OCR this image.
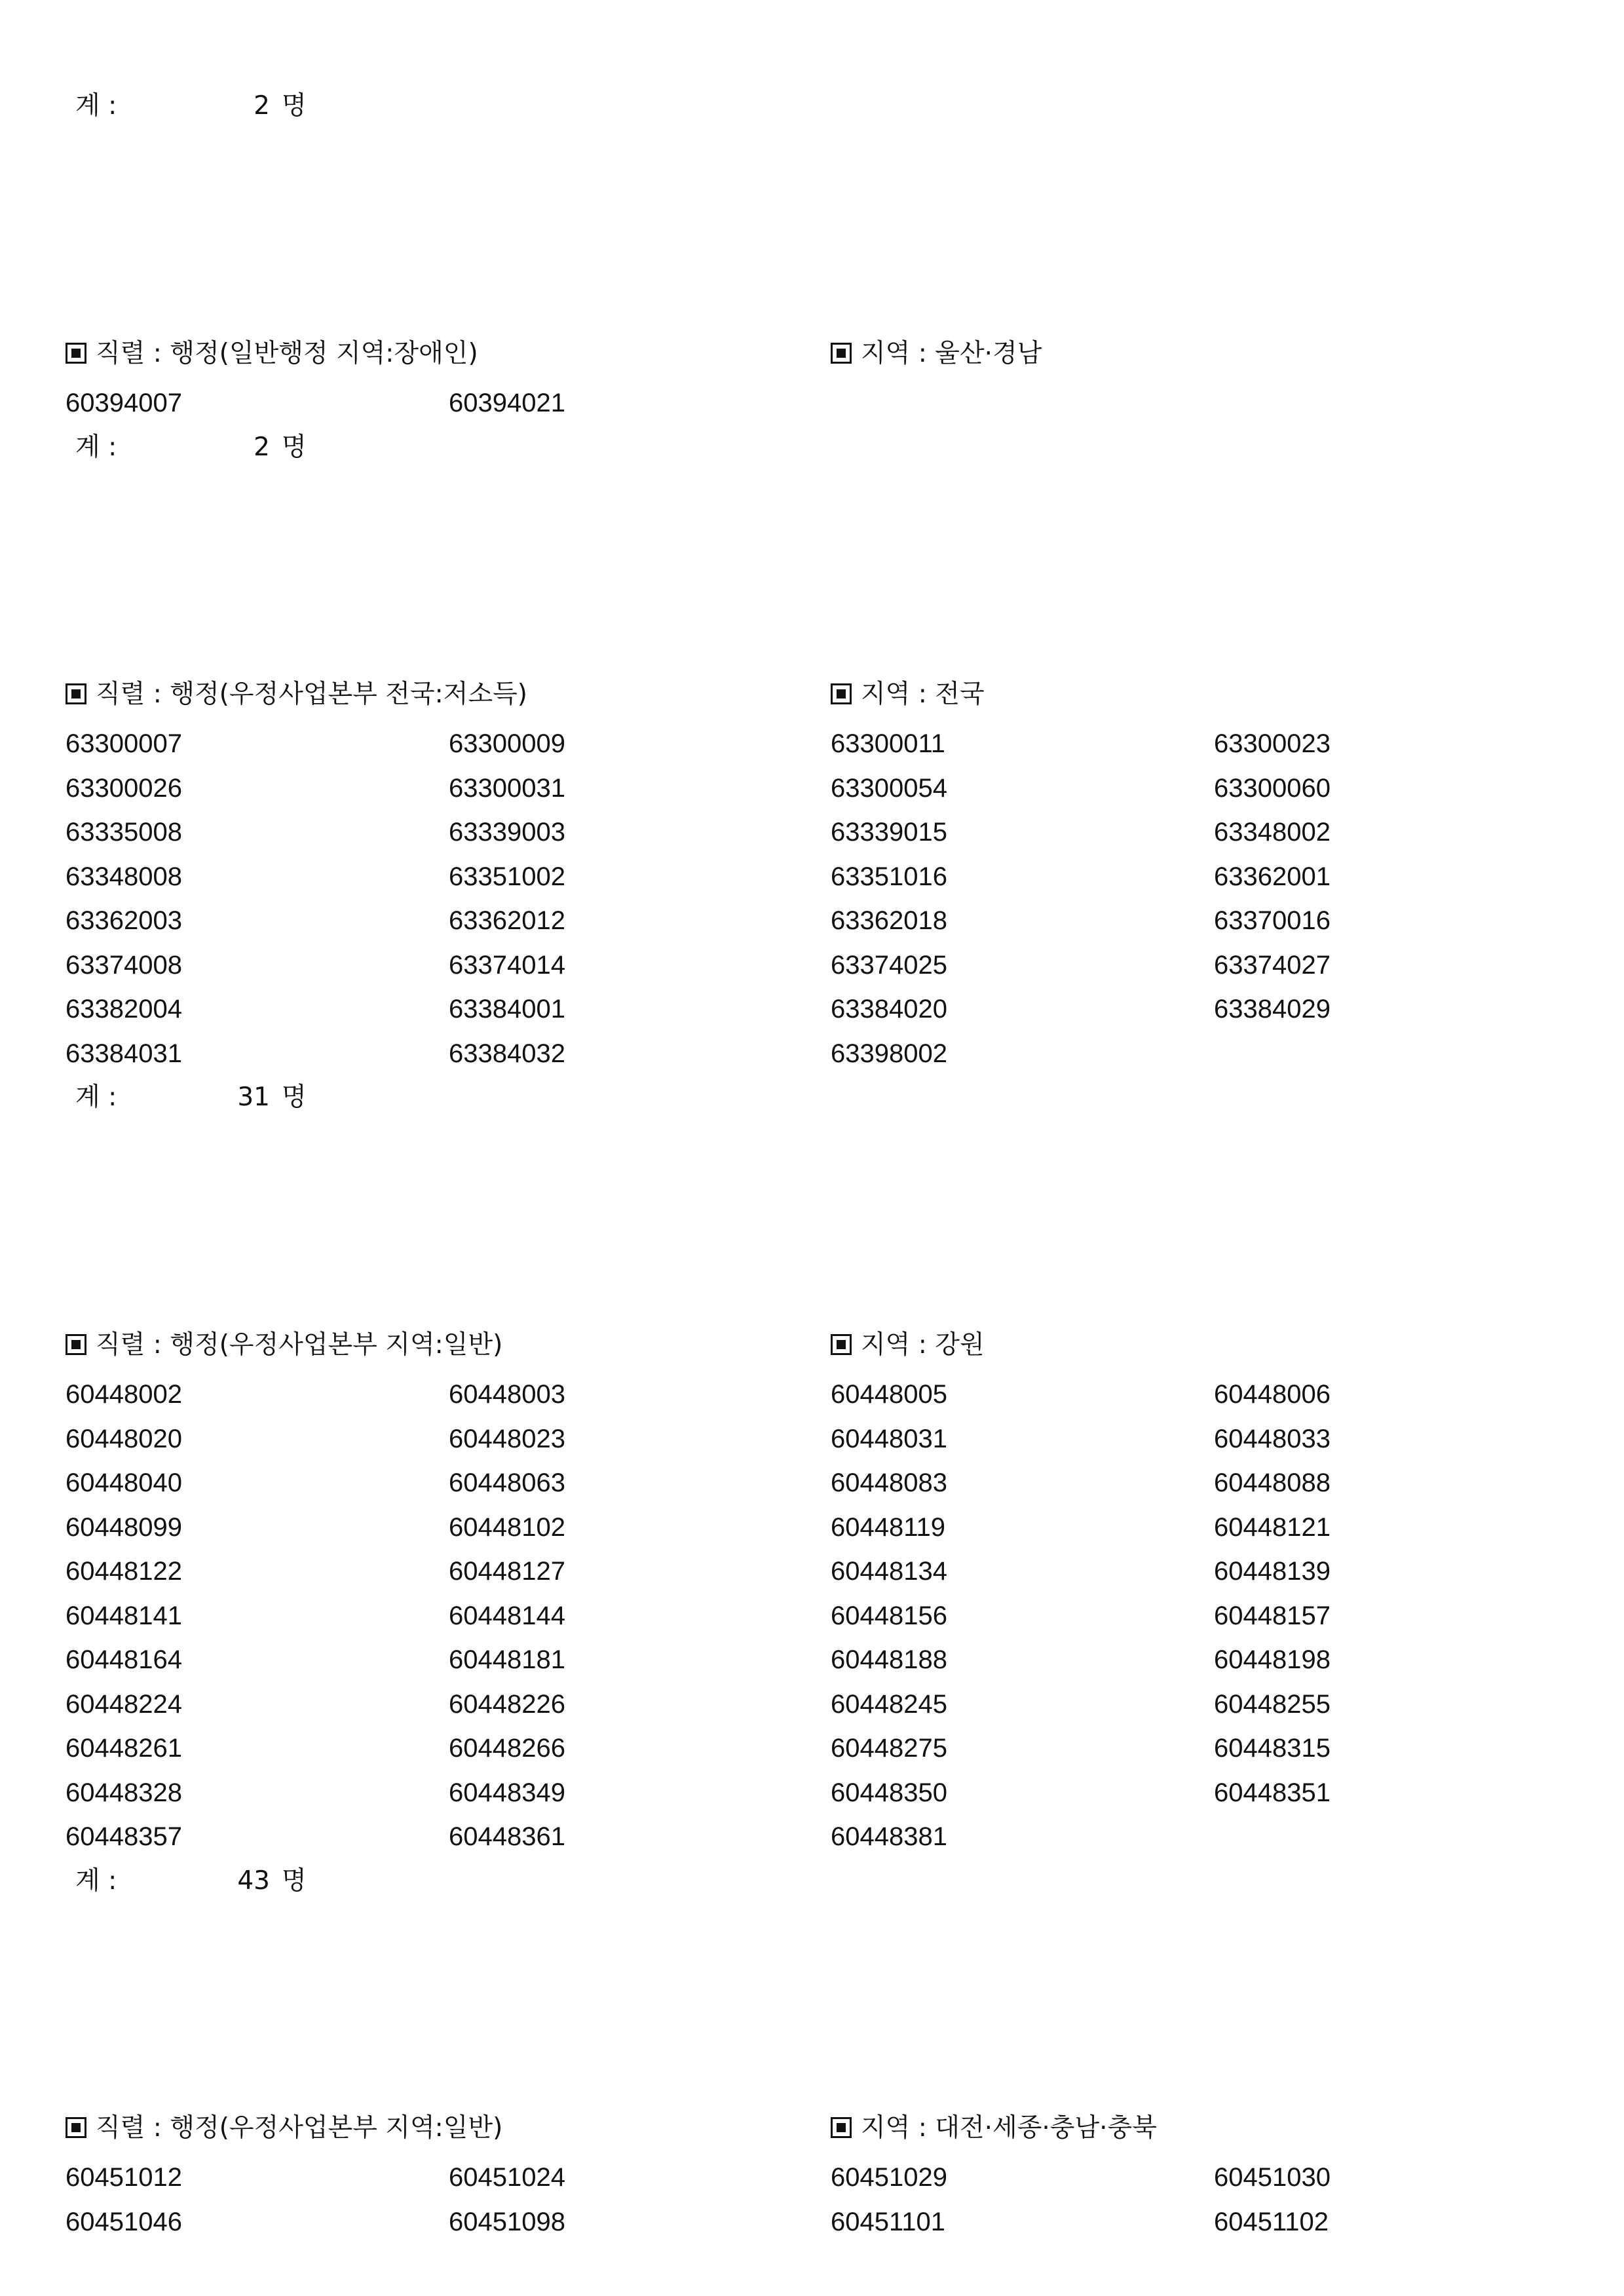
계 :	2 명
직렬 : 행정(일반행정 지역:장애인)	지역 : 울산·경남
60394007	60394021
계 :	2 명
직렬 : 행정(우정사업본부 전국:저소득)	지역 : 전국
63300007	63300009	63300011	63300023
63300026	63300031	63300054	63300060
63335008	63339003	63339015	63348002
63348008	63351002	63351016	63362001
63362003	63362012	63362018	63370016
63374008	63374014	63374025	63374027
63382004	63384001	63384020	63384029
63384031	63384032	63398002
계 :	31 명
직렬 : 행정(우정사업본부 지역:일반)	지역 : 강원
60448002	60448003	60448005	60448006
60448020	60448023	60448031	60448033
60448040	60448063	60448083	60448088
60448099	60448102	60448119	60448121
60448122	60448127	60448134	60448139
60448141	60448144	60448156	60448157
60448164	60448181	60448188	60448198
60448224	60448226	60448245	60448255
60448261	60448266	60448275	60448315
60448328	60448349	60448350	60448351
60448357	60448361	60448381
계 :	43 명
직렬 : 행정(우정사업본부 지역:일반)	지역 : 대전·세종·충남·충북
60451012	60451024	60451029	60451030
60451046	60451098	60451101	60451102
